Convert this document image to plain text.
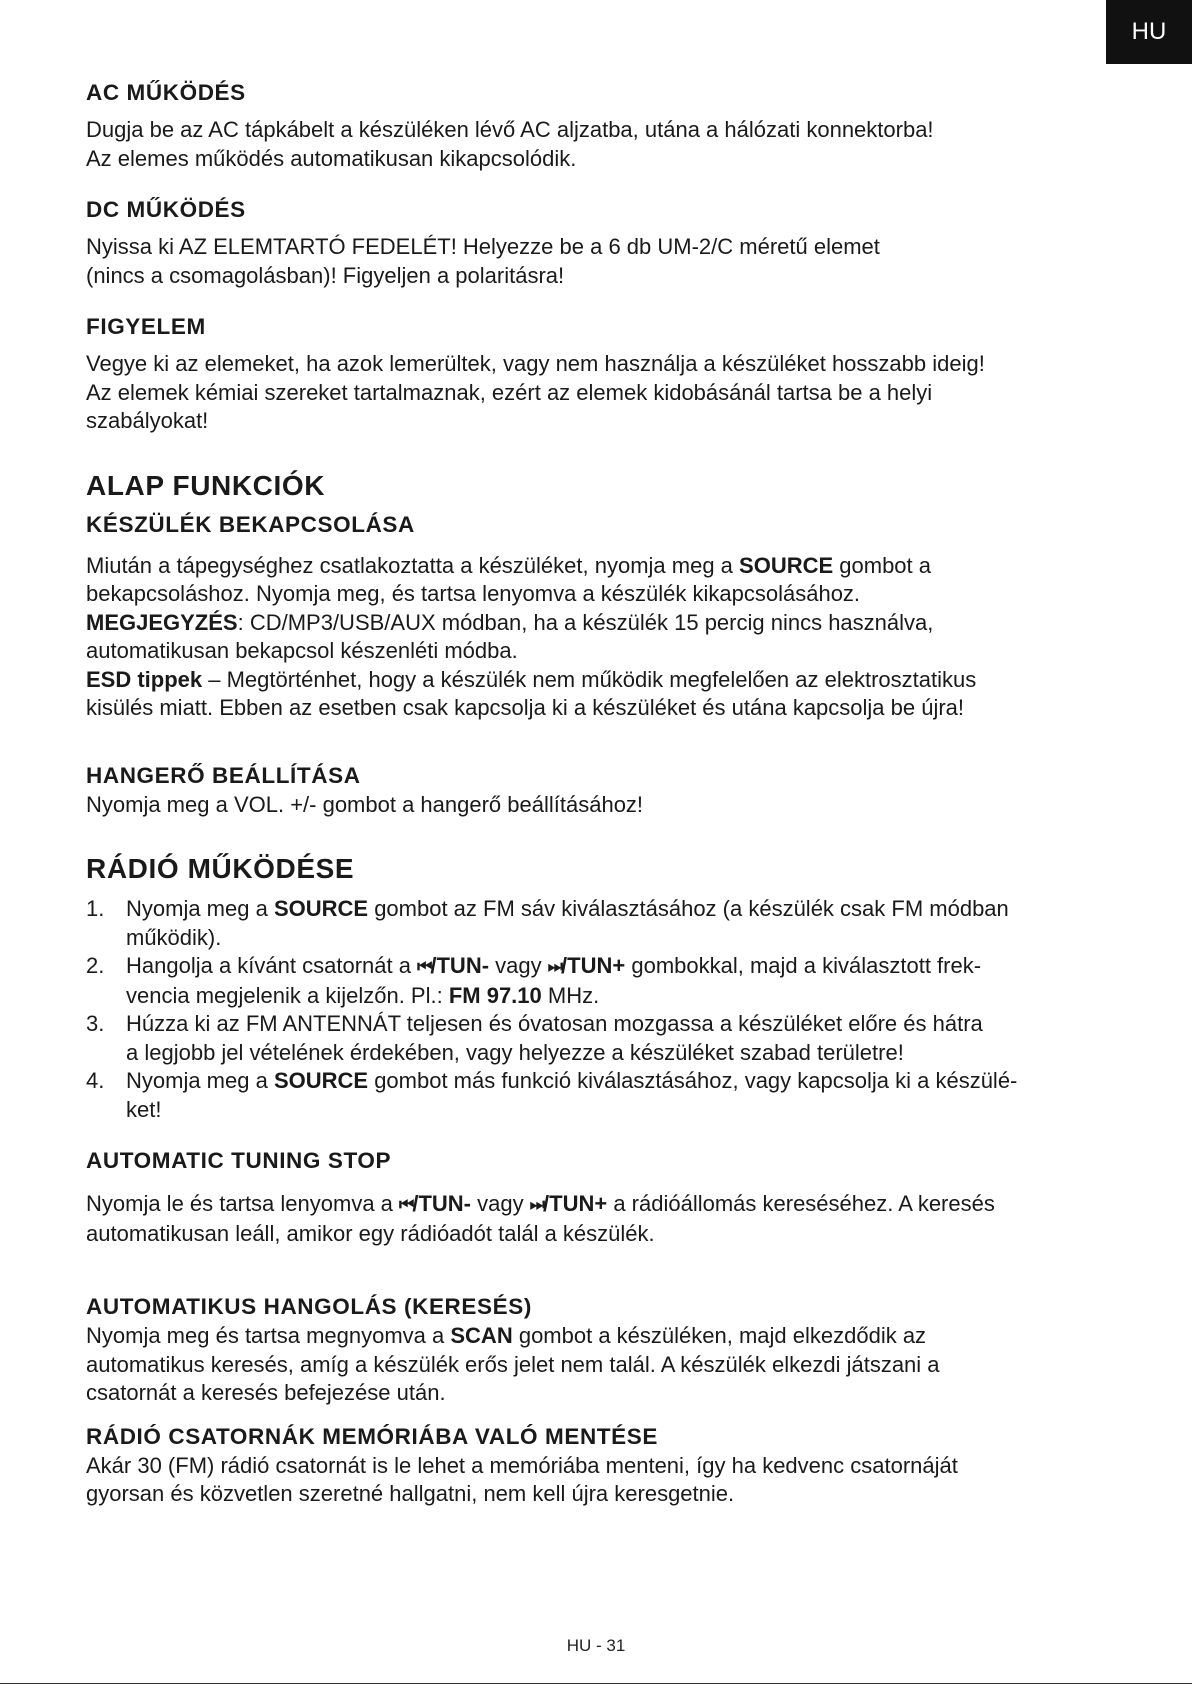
HU
AC MŰKÖDÉS

Dugja be az AC tápkábelt a készüléken lévő AC aljzatba, utána a hálózati konnektorba!

Az elemes működés automatikusan kikapcsolódik.

DC MŰKÖDÉS

Nyissa ki AZ ELEMTARTÓ FEDELÉT! Helyezze be a 6 db UM-2/C méretű elemet

(nincs a csomagolásban)! Figyeljen a polaritásra!

FIGYELEM

Vegye ki az elemeket, ha azok lemerültek, vagy nem használja a készüléket hosszabb ideig!

Az elemek kémiai szereket tartalmaznak, ezért az elemek kidobásánál tartsa be a helyi

szabályokat!

ALAP FUNKCIÓK
KÉSZÜLÉK BEKAPCSOLÁSA

Miután a tápegységhez csatlakoztatta a készüléket, nyomja meg a SOURCE gombot a

bekapcsoláshoz. Nyomja meg, és tartsa lenyomva a készülék kikapcsolásához.

MEGJEGYZÉS: CD/MP3/USB/AUX módban, ha a készülék 15 percig nincs használva,

automatikusan bekapcsol készenléti módba.

ESD tippek – Megtörténhet, hogy a készülék nem működik megfelelően az elektrosztatikus

kisülés miatt. Ebben az esetben csak kapcsolja ki a készüléket és utána kapcsolja be újra!

HANGERŐ BEÁLLÍTÁSA

Nyomja meg a VOL. +/- gombot a hangerő beállításához!

RÁDIÓ MŰKÖDÉSE
1. Nyomja meg a SOURCE gombot az FM sáv kiválasztásához (a készülék csak FM módban
működik).
2. Hangolja a kívánt csatornát a ⏮/TUN- vagy ⏭/TUN+ gombokkal, majd a kiválasztott frek-
vencia megjelenik a kijelzőn. Pl.: FM 97.10 MHz.
3. Húzza ki az FM ANTENNÁT teljesen és óvatosan mozgassa a készüléket előre és hátra
a legjobb jel vételének érdekében, vagy helyezze a készüléket szabad területre!
4. Nyomja meg a SOURCE gombot más funkció kiválasztásához, vagy kapcsolja ki a készülé-
ket!
AUTOMATIC TUNING STOP

Nyomja le és tartsa lenyomva a ⏮/TUN- vagy ⏭/TUN+ a rádióállomás kereséséhez. A keresés

automatikusan leáll, amikor egy rádióadót talál a készülék.

AUTOMATIKUS HANGOLÁS (KERESÉS)

Nyomja meg és tartsa megnyomva a SCAN gombot a készüléken, majd elkezdődik az

automatikus keresés, amíg a készülék erős jelet nem talál. A készülék elkezdi játszani a

csatornát a keresés befejezése után.

RÁDIÓ CSATORNÁK MEMÓRIÁBA VALÓ MENTÉSE

Akár 30 (FM) rádió csatornát is le lehet a memóriába menteni, így ha kedvenc csatornáját

gyorsan és közvetlen szeretné hallgatni, nem kell újra keresgetnie.

HU - 31
